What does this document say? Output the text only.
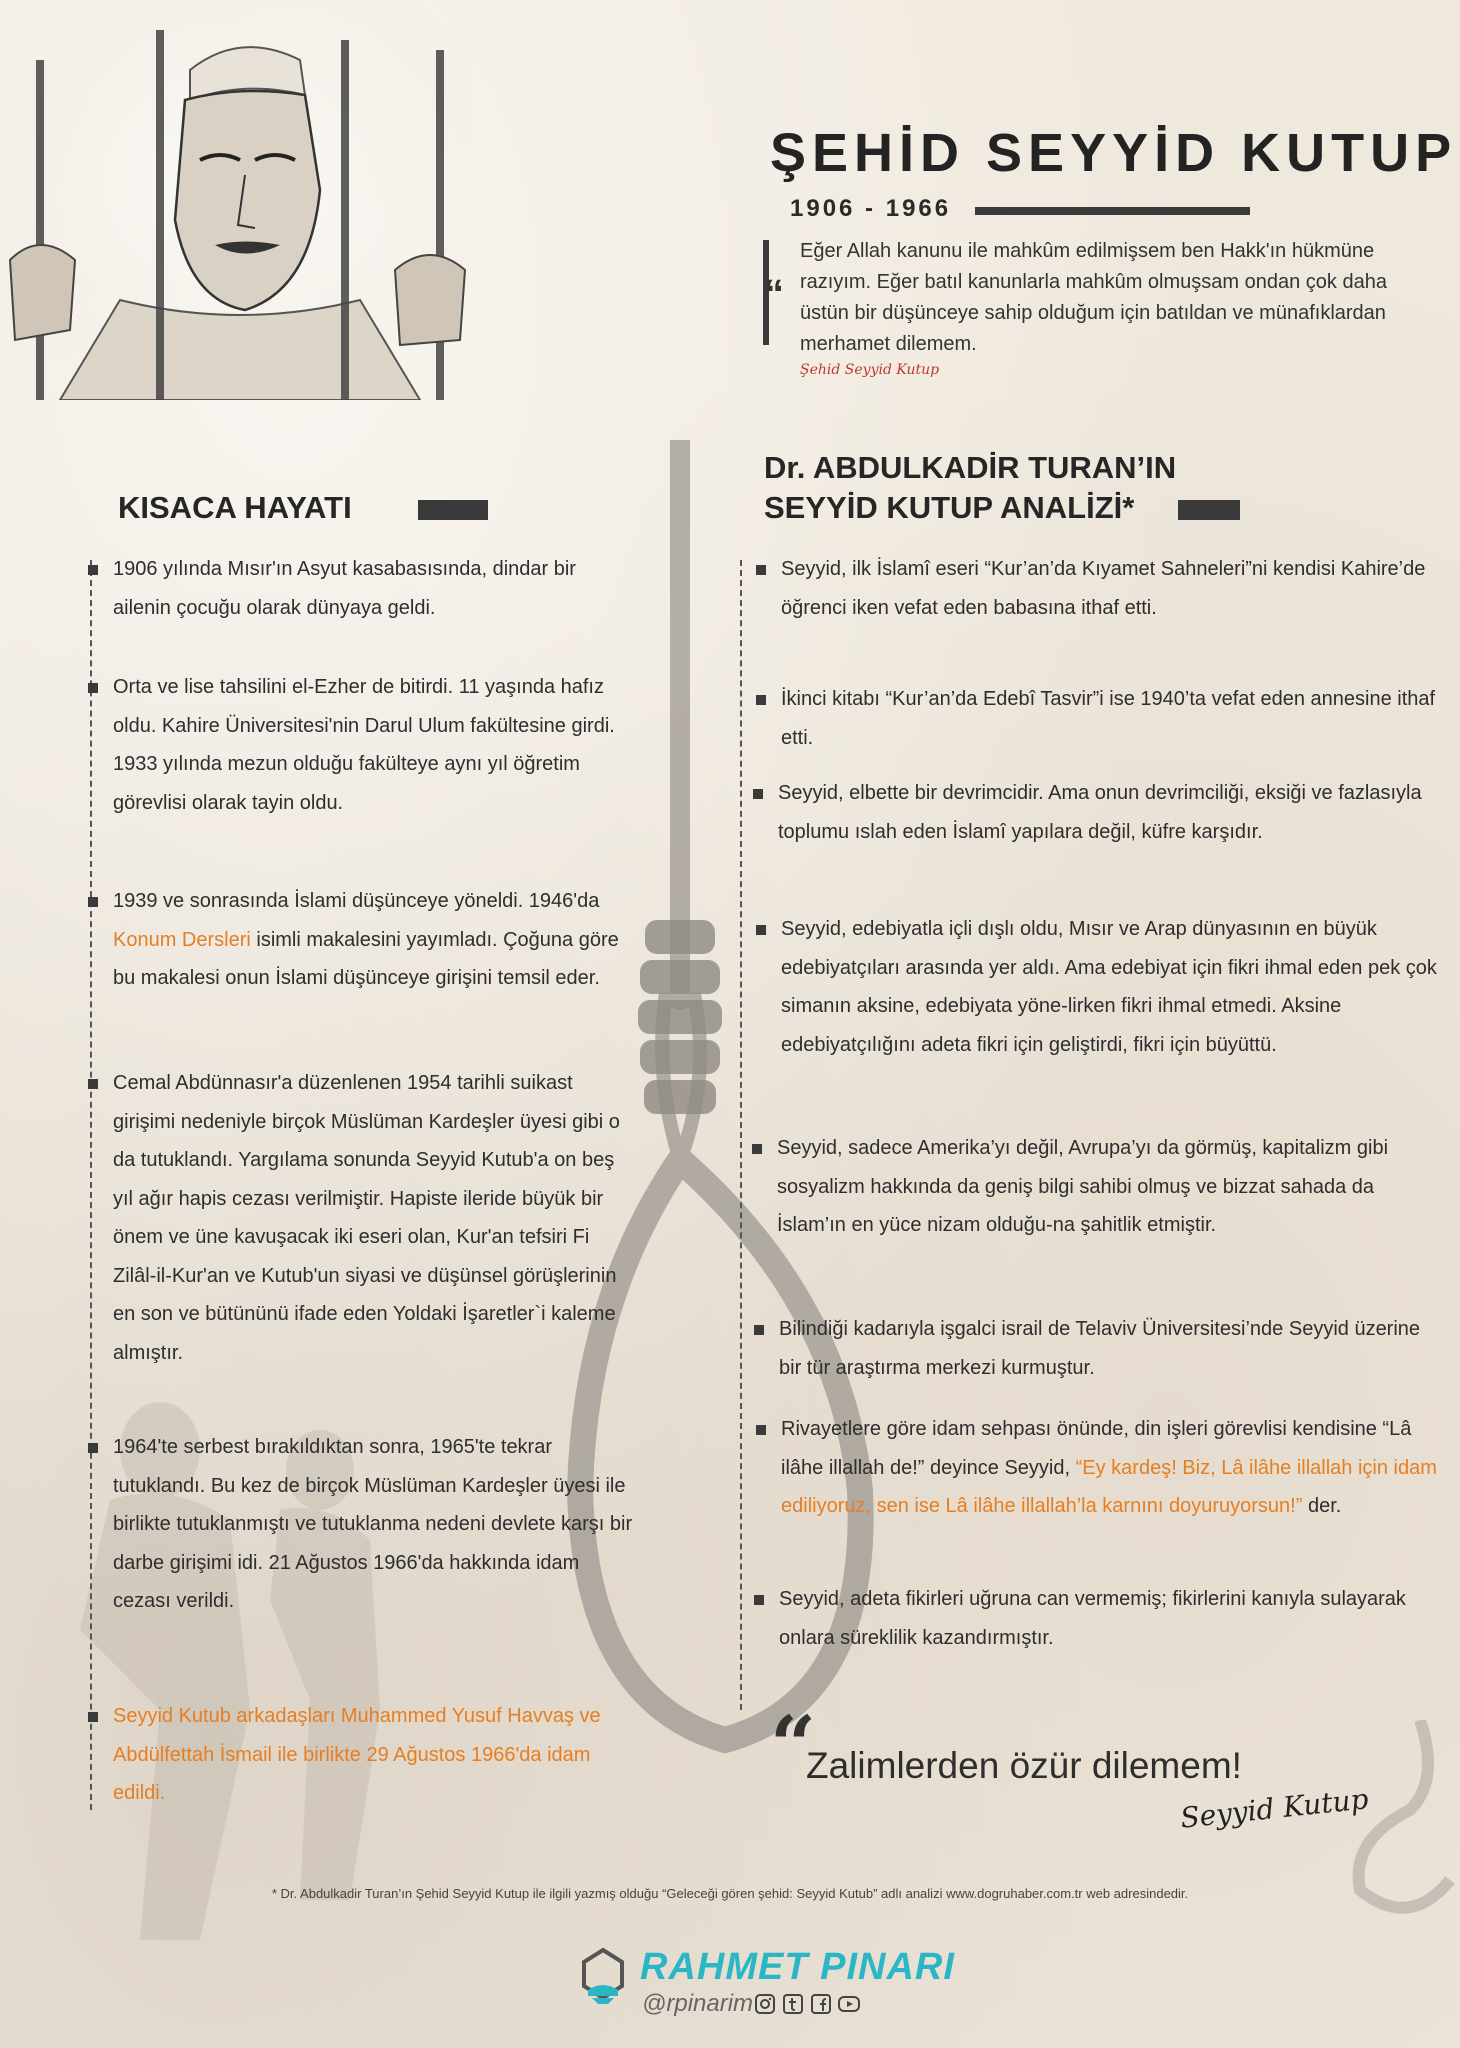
ŞEHİD SEYYİD KUTUP
1906 - 1966
“
Eğer Allah kanunu ile mahkûm edilmişsem ben Hakk'ın hükmüne razıyım. Eğer batıl kanunlarla mahkûm olmuşsam ondan çok daha üstün bir düşünceye sahip olduğum için batıldan ve münafıklardan merhamet dilemem.
Şehid Seyyid Kutup
KISACA HAYATI
1906 yılında Mısır'ın Asyut kasabasısında, dindar bir ailenin çocuğu olarak dünyaya geldi.
Orta ve lise tahsilini el-Ezher de bitirdi. 11 yaşında hafız oldu. Kahire Üniversitesi'nin Darul Ulum fakültesine girdi. 1933 yılında mezun olduğu fakülteye aynı yıl öğretim görevlisi olarak tayin oldu.
1939 ve sonrasında İslami düşünceye yöneldi. 1946'da Konum Dersleri isimli makalesini yayımladı. Çoğuna göre bu makalesi onun İslami düşünceye girişini temsil eder.
Cemal Abdünnasır'a düzenlenen 1954 tarihli suikast girişimi nedeniyle birçok Müslüman Kardeşler üyesi gibi o da tutuklandı. Yargılama sonunda Seyyid Kutub'a on beş yıl ağır hapis cezası verilmiştir. Hapiste ileride büyük bir önem ve üne kavuşacak iki eseri olan, Kur'an tefsiri Fi Zilâl-il-Kur'an ve Kutub'un siyasi ve düşünsel görüşlerinin en son ve bütününü ifade eden Yoldaki İşaretler`i kaleme almıştır.
1964'te serbest bırakıldıktan sonra, 1965'te tekrar tutuklandı. Bu kez de birçok Müslüman Kardeşler üyesi ile birlikte tutuklanmıştı ve tutuklanma nedeni devlete karşı bir darbe girişimi idi. 21 Ağustos 1966'da hakkında idam cezası verildi.
Seyyid Kutub arkadaşları Muhammed Yusuf Havvaş ve Abdülfettah İsmail ile birlikte 29 Ağustos 1966'da idam edildi.
Dr. ABDULKADİR TURAN’IN
SEYYİD KUTUP ANALİZİ*
Seyyid, ilk İslamî eseri “Kur’an’da Kıyamet Sahneleri”ni kendisi Kahire’de öğrenci iken vefat eden babasına ithaf etti.
İkinci kitabı “Kur’an’da Edebî Tasvir”i ise 1940’ta vefat eden annesine ithaf etti.
Seyyid, elbette bir devrimcidir. Ama onun devrimciliği, eksiği ve fazlasıyla toplumu ıslah eden İslamî yapılara değil, küfre karşıdır.
Seyyid, edebiyatla içli dışlı oldu, Mısır ve Arap dünyasının en büyük edebiyatçıları arasında yer aldı. Ama edebiyat için fikri ihmal eden pek çok simanın aksine, edebiyata yöne-lirken fikri ihmal etmedi. Aksine edebiyatçılığını adeta fikri için geliştirdi, fikri için büyüttü.
Seyyid, sadece Amerika’yı değil, Avrupa’yı da görmüş, kapitalizm gibi sosyalizm hakkında da geniş bilgi sahibi olmuş ve bizzat sahada da İslam’ın en yüce nizam olduğu-na şahitlik etmiştir.
Bilindiği kadarıyla işgalci israil de Telaviv Üniversitesi’nde Seyyid üzerine bir tür araştırma merkezi kurmuştur.
Rivayetlere göre idam sehpası önünde, din işleri görevlisi kendisine “Lâ ilâhe illallah de!” deyince Seyyid, “Ey kardeş! Biz, Lâ ilâhe illallah için idam ediliyoruz, sen ise Lâ ilâhe illallah’la karnını doyuruyorsun!” der.
Seyyid, adeta fikirleri uğruna can vermemiş; fikirlerini kanıyla sulayarak onlara süreklilik kazandırmıştır.
“
Zalimlerden özür dilemem!
Seyyid Kutup
* Dr. Abdulkadir Turan’ın Şehid Seyyid Kutup ile ilgili yazmış olduğu “Geleceği gören şehid: Seyyid Kutub” adlı analizi www.dogruhaber.com.tr web adresindedir.
RAHMET PINARI
@rpinarim
